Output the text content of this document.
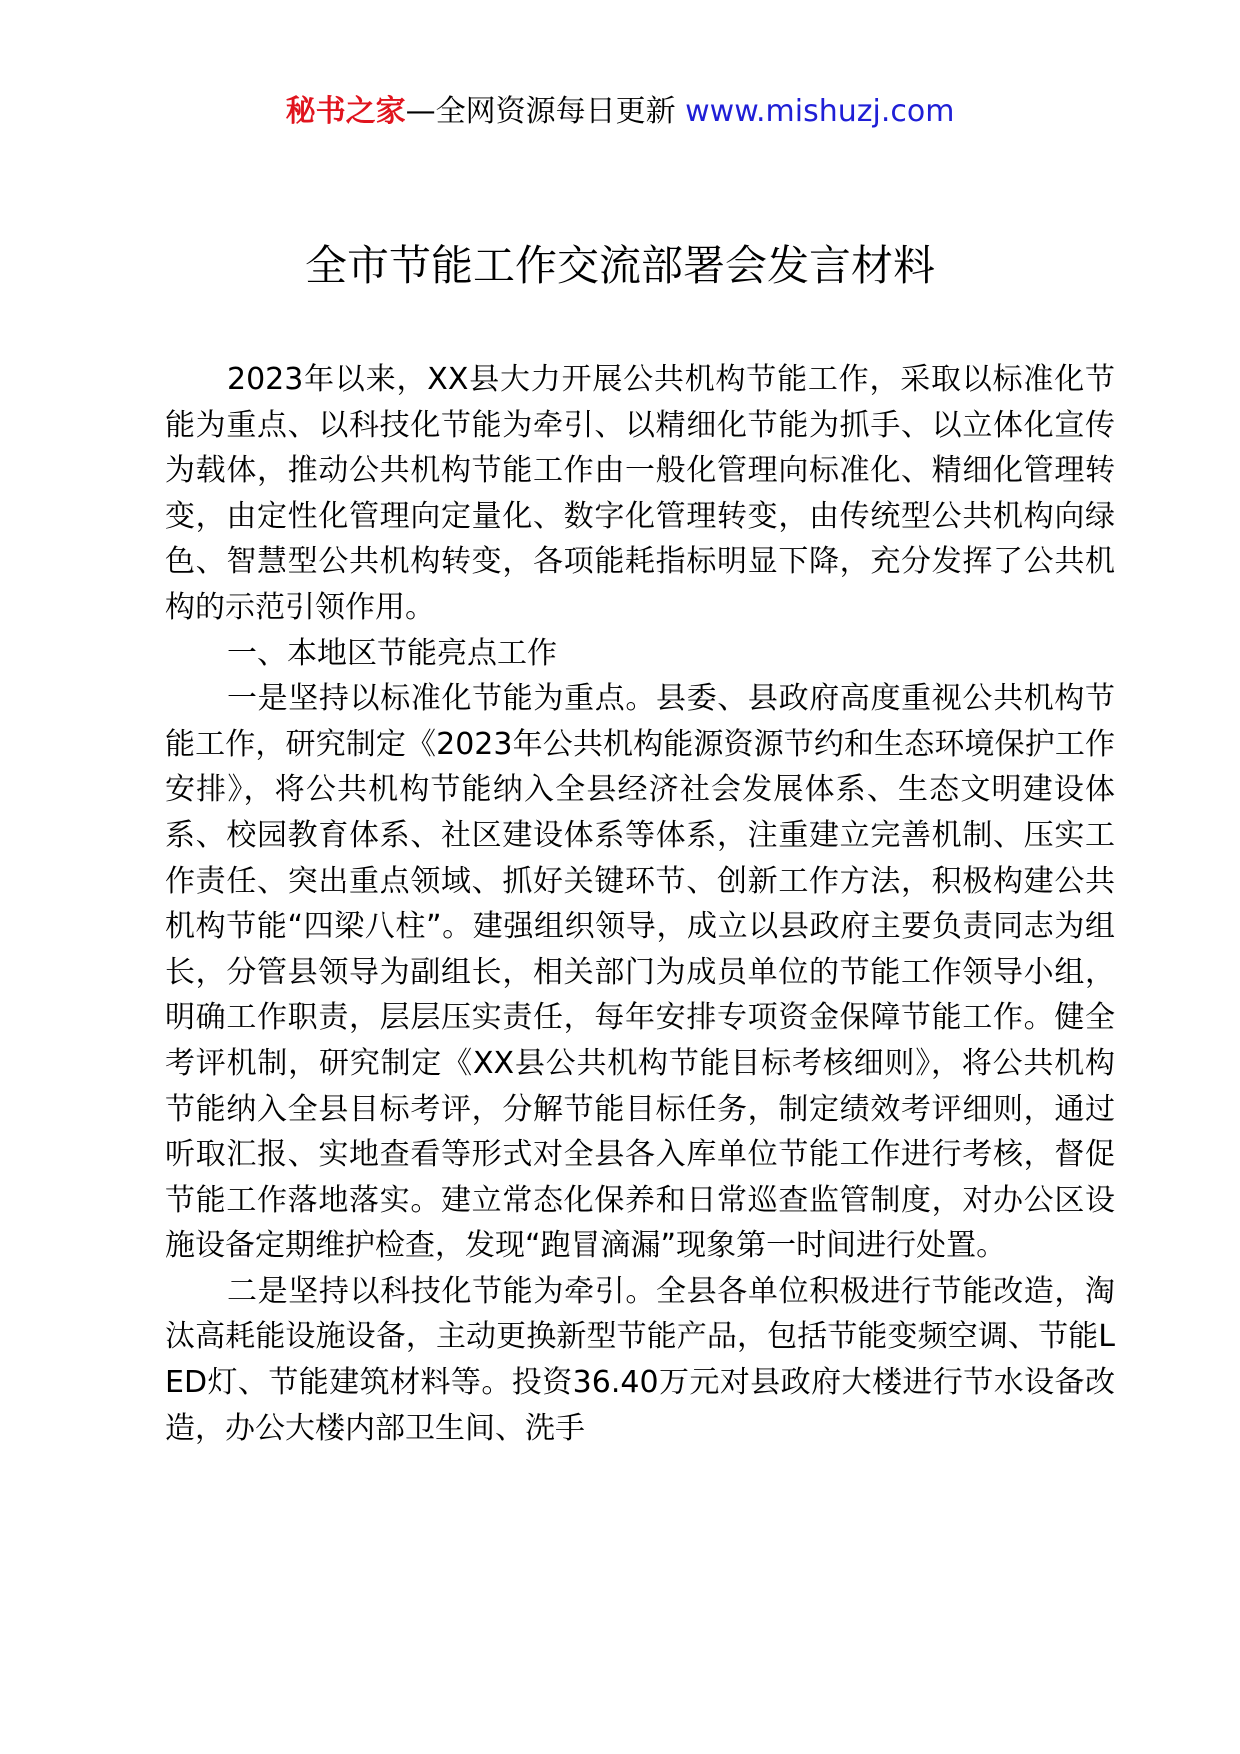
秘书之家—全网资源每日更新 www.mishuzj.com
全市节能工作交流部署会发言材料

2023年以来，XX县大力开展公共机构节能工作，采取以标准化节能为重点、以科技化节能为牵引、以精细化节能为抓手、以立体化宣传为载体，推动公共机构节能工作由一般化管理向标准化、精细化管理转变，由定性化管理向定量化、数字化管理转变，由传统型公共机构向绿色、智慧型公共机构转变，各项能耗指标明显下降，充分发挥了公共机构的示范引领作用。

一、本地区节能亮点工作

一是坚持以标准化节能为重点。县委、县政府高度重视公共机构节能工作，研究制定《2023年公共机构能源资源节约和生态环境保护工作安排》，将公共机构节能纳入全县经济社会发展体系、生态文明建设体系、校园教育体系、社区建设体系等体系，注重建立完善机制、压实工作责任、突出重点领域、抓好关键环节、创新工作方法，积极构建公共机构节能“四梁八柱”。建强组织领导，成立以县政府主要负责同志为组长，分管县领导为副组长，相关部门为成员单位的节能工作领导小组，明确工作职责，层层压实责任，每年安排专项资金保障节能工作。健全考评机制，研究制定《XX县公共机构节能目标考核细则》，将公共机构节能纳入全县目标考评，分解节能目标任务，制定绩效考评细则，通过听取汇报、实地查看等形式对全县各入库单位节能工作进行考核，督促节能工作落地落实。建立常态化保养和日常巡查监管制度，对办公区设施设备定期维护检查，发现“跑冒滴漏”现象第一时间进行处置。

二是坚持以科技化节能为牵引。全县各单位积极进行节能改造，淘汰高耗能设施设备，主动更换新型节能产品，包括节能变频空调、节能LED灯、节能建筑材料等。投资36.40万元对县政府大楼进行节水设备改造，办公大楼内部卫生间、洗手
